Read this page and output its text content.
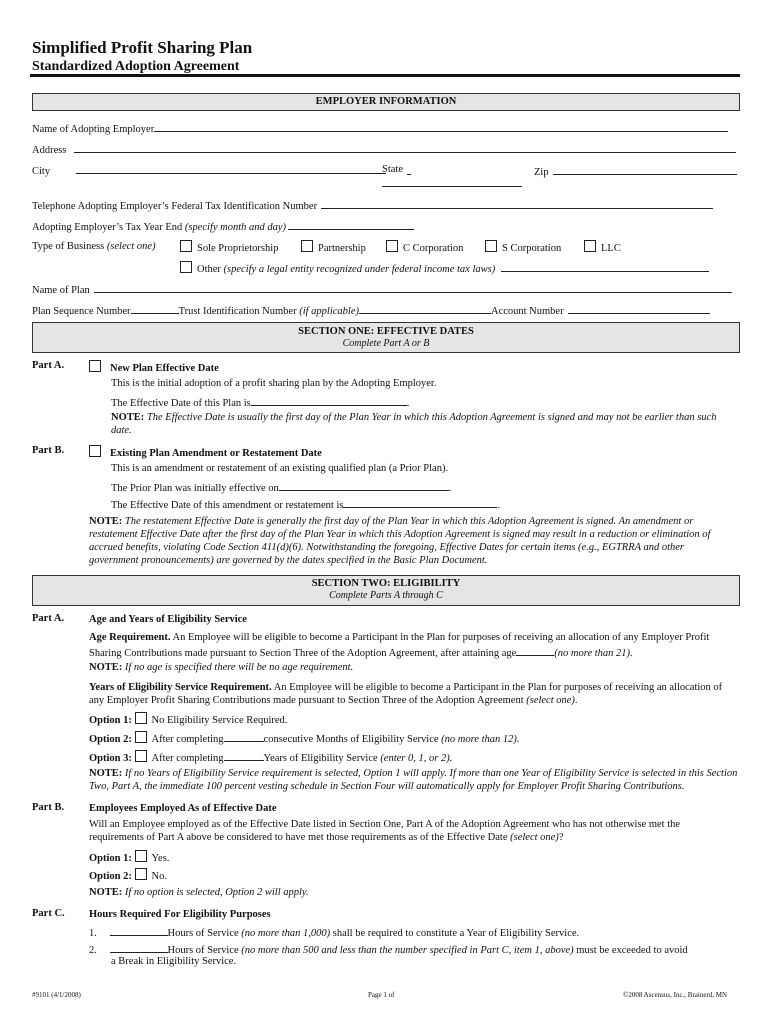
Simplified Profit Sharing Plan
Standardized Adoption Agreement
EMPLOYER INFORMATION
Name of Adopting Employer
Address
City	State	Zip
Telephone Adopting Employer’s Federal Tax Identification Number
Adopting Employer’s Tax Year End (specify month and day)
Type of Business (select one)	Sole Proprietorship	Partnership	C Corporation	S Corporation	LLC
Other (specify a legal entity recognized under federal income tax laws)
Name of Plan
Plan Sequence Number	Trust Identification Number (if applicable)	Account Number
SECTION ONE: EFFECTIVE DATES
Complete Part A or B
Part A.	New Plan Effective Date
This is the initial adoption of a profit sharing plan by the Adopting Employer.
The Effective Date of this Plan is	.
NOTE: The Effective Date is usually the first day of the Plan Year in which this Adoption Agreement is signed and may not be earlier than such date.
Part B.	Existing Plan Amendment or Restatement Date
This is an amendment or restatement of an existing qualified plan (a Prior Plan).
The Prior Plan was initially effective on	.
The Effective Date of this amendment or restatement is	.
NOTE: The restatement Effective Date is generally the first day of the Plan Year in which this Adoption Agreement is signed. An amendment or restatement Effective Date after the first day of the Plan Year in which this Adoption Agreement is signed may result in a reduction or elimination of accrued benefits, violating Code Section 411(d)(6). Notwithstanding the foregoing, Effective Dates for certain items (e.g., EGTRRA and other government pronouncements) are governed by the dates specified in the Basic Plan Document.
SECTION TWO: ELIGIBILITY
Complete Parts A through C
Part A. Age and Years of Eligibility Service
Age Requirement. An Employee will be eligible to become a Participant in the Plan for purposes of receiving an allocation of any Employer Profit Sharing Contributions made pursuant to Section Three of the Adoption Agreement, after attaining age	(no more than 21).
NOTE: If no age is specified there will be no age requirement.
Years of Eligibility Service Requirement. An Employee will be eligible to become a Participant in the Plan for purposes of receiving an allocation of any Employer Profit Sharing Contributions made pursuant to Section Three of the Adoption Agreement (select one).
Option 1: No Eligibility Service Required.
Option 2: After completing	consecutive Months of Eligibility Service (no more than 12).
Option 3: After completing	Years of Eligibility Service (enter 0, 1, or 2).
NOTE: If no Years of Eligibility Service requirement is selected, Option 1 will apply. If more than one Year of Eligibility Service is selected in this Section Two, Part A, the immediate 100 percent vesting schedule in Section Four will automatically apply for Employer Profit Sharing Contributions.
Part B. Employees Employed As of Effective Date
Will an Employee employed as of the Effective Date listed in Section One, Part A of the Adoption Agreement who has not otherwise met the requirements of Part A above be considered to have met those requirements as of the Effective Date (select one)?
Option 1: Yes.
Option 2: No.
NOTE: If no option is selected, Option 2 will apply.
Part C. Hours Required For Eligibility Purposes
1.	Hours of Service (no more than 1,000) shall be required to constitute a Year of Eligibility Service.
2.	Hours of Service (no more than 500 and less than the number specified in Part C, item 1, above) must be exceeded to avoid
a Break in Eligibility Service.
#9101 (4/1/2008)	Page 1 of	©2008 Ascensus, Inc., Brainerd, MN
